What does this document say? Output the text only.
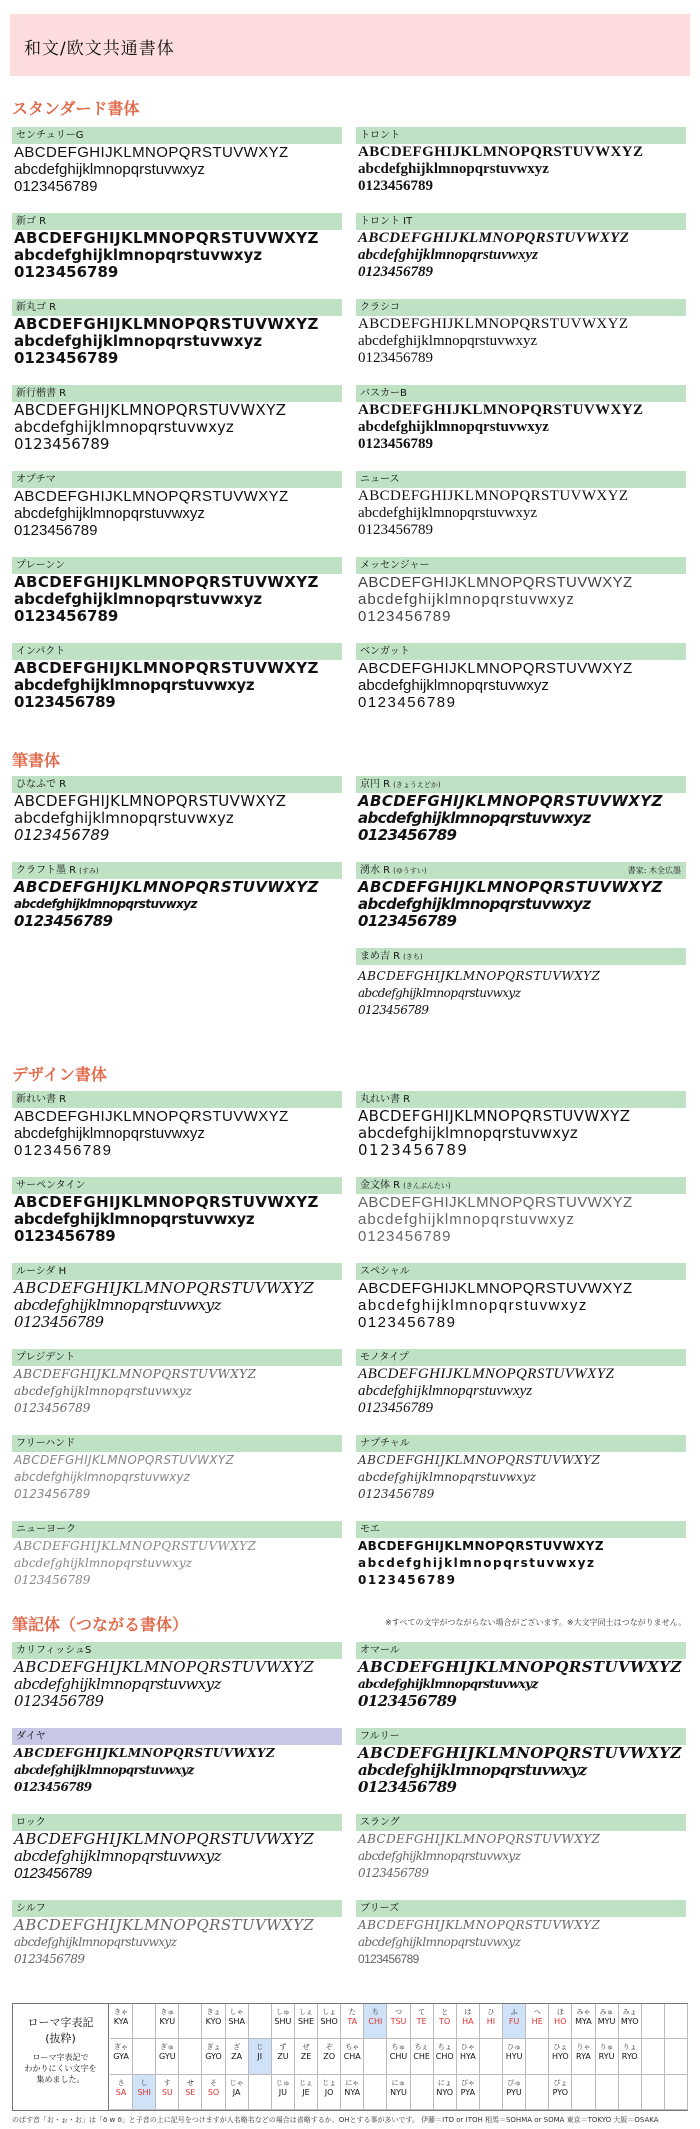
和文/欧文共通書体
スタンダード書体
センチュリーG
ABCDEFGHIJKLMNOPQRSTUVWXYZ
abcdefghijklmnopqrstuvwxyz
0123456789
新ゴ R
ABCDEFGHIJKLMNOPQRSTUVWXYZ
abcdefghijklmnopqrstuvwxyz
0123456789
新丸ゴ R
ABCDEFGHIJKLMNOPQRSTUVWXYZ
abcdefghijklmnopqrstuvwxyz
0123456789
新行楷書 R
ABCDEFGHIJKLMNOPQRSTUVWXYZ
abcdefghijklmnopqrstuvwxyz
0123456789
オプチマ
ABCDEFGHIJKLMNOPQRSTUVWXYZ
abcdefghijklmnopqrstuvwxyz
0123456789
プレーンン
ABCDEFGHIJKLMNOPQRSTUVWXYZ
abcdefghijklmnopqrstuvwxyz
0123456789
インパクト
ABCDEFGHIJKLMNOPQRSTUVWXYZ
abcdefghijklmnopqrstuvwxyz
0123456789
トロント
ABCDEFGHIJKLMNOPQRSTUVWXYZ
abcdefghijklmnopqrstuvwxyz
0123456789
トロント IT
ABCDEFGHIJKLMNOPQRSTUVWXYZ
abcdefghijklmnopqrstuvwxyz
0123456789
クラシコ
ABCDEFGHIJKLMNOPQRSTUVWXYZ
abcdefghijklmnopqrstuvwxyz
0123456789
バスカーB
ABCDEFGHIJKLMNOPQRSTUVWXYZ
abcdefghijklmnopqrstuvwxyz
0123456789
ニュース
ABCDEFGHIJKLMNOPQRSTUVWXYZ
abcdefghijklmnopqrstuvwxyz
0123456789
メッセンジャー
ABCDEFGHIJKLMNOPQRSTUVWXYZ
abcdefghijklmnopqrstuvwxyz
0123456789
ベンガット
ABCDEFGHIJKLMNOPQRSTUVWXYZ
abcdefghijklmnopqrstuvwxyz
0123456789
筆書体
ひなふで R
ABCDEFGHIJKLMNOPQRSTUVWXYZ
abcdefghijklmnopqrstuvwxyz
0123456789
クラフト墨 R (すみ)
ABCDEFGHIJKLMNOPQRSTUVWXYZ
abcdefghijklmnopqrstuvwxyz
0123456789
京円 R (きょうえどか)
ABCDEFGHIJKLMNOPQRSTUVWXYZ
abcdefghijklmnopqrstuvwxyz
0123456789
湧水 R (ゆうすい)	書家: 木全広墨
ABCDEFGHIJKLMNOPQRSTUVWXYZ
abcdefghijklmnopqrstuvwxyz
0123456789
まめ吉 R (きち)
ABCDEFGHIJKLMNOPQRSTUVWXYZ
abcdefghijklmnopqrstuvwxyz
0123456789
デザイン書体
新れい書 R
ABCDEFGHIJKLMNOPQRSTUVWXYZ
abcdefghijklmnopqrstuvwxyz
0123456789
サーペンタイン
ABCDEFGHIJKLMNOPQRSTUVWXYZ
abcdefghijklmnopqrstuvwxyz
0123456789
ルーシダ H
ABCDEFGHIJKLMNOPQRSTUVWXYZ
abcdefghijklmnopqrstuvwxyz
0123456789
プレジデント
ABCDEFGHIJKLMNOPQRSTUVWXYZ
abcdefghijklmnopqrstuvwxyz
0123456789
フリーハンド
ABCDEFGHIJKLMNOPQRSTUVWXYZ
abcdefghijklmnopqrstuvwxyz
0123456789
ニューヨーク
ABCDEFGHIJKLMNOPQRSTUVWXYZ
abcdefghijklmnopqrstuvwxyz
0123456789
丸れい書 R
ABCDEFGHIJKLMNOPQRSTUVWXYZ
abcdefghijklmnopqrstuvwxyz
0123456789
金文体 R (きんぶんたい)
ABCDEFGHIJKLMNOPQRSTUVWXYZ
abcdefghijklmnopqrstuvwxyz
0123456789
スペシャル
ABCDEFGHIJKLMNOPQRSTUVWXYZ
abcdefghijklmnopqrstuvwxyz
0123456789
モノタイプ
ABCDEFGHIJKLMNOPQRSTUVWXYZ
abcdefghijklmnopqrstuvwxyz
0123456789
ナプチャル
ABCDEFGHIJKLMNOPQRSTUVWXYZ
abcdefghijklmnopqrstuvwxyz
0123456789
モエ
ABCDEFGHIJKLMNOPQRSTUVWXYZ
abcdefghijklmnopqrstuvwxyz
0123456789
筆記体（つながる書体）	※すべての文字がつながらない場合がございます。※大文字同士はつながりません。
カリフィッシュS
ABCDEFGHIJKLMNOPQRSTUVWXYZ
abcdefghijklmnopqrstuvwxyz
0123456789
ダイヤ
ABCDEFGHIJKLMNOPQRSTUVWXYZ
abcdefghijklmnopqrstuvwxyz
0123456789
ロック
ABCDEFGHIJKLMNOPQRSTUVWXYZ
abcdefghijklmnopqrstuvwxyz
0123456789
シルフ
ABCDEFGHIJKLMNOPQRSTUVWXYZ
abcdefghijklmnopqrstuvwxyz
0123456789
オマール
ABCDEFGHIJKLMNOPQRSTUVWXYZ
abcdefghijklmnopqrstuvwxyz
0123456789
フルリー
ABCDEFGHIJKLMNOPQRSTUVWXYZ
abcdefghijklmnopqrstuvwxyz
0123456789
スラング
ABCDEFGHIJKLMNOPQRSTUVWXYZ
abcdefghijklmnopqrstuvwxyz
0123456789
ブリーズ
ABCDEFGHIJKLMNOPQRSTUVWXYZ
abcdefghijklmnopqrstuvwxyz
0123456789
ローマ字表記
(抜粋)
ローマ字表記で
わかりにくい文字を
集めました。
きゃ
KYA
きゅ
KYU
きょ
KYO
しゃ
SHA
しゅ
SHU
しぇ
SHE
しょ
SHO
た
TA
ち
CHI
つ
TSU
て
TE
と
TO
は
HA
ひ
HI
ふ
FU
へ
HE
ほ
HO
みゃ
MYA
みゅ
MYU
みょ
MYO
ぎゃ
GYA
ぎゅ
GYU
ぎょ
GYO
ざ
ZA
じ
JI
ず
ZU
ぜ
ZE
ぞ
ZO
ちゃ
CHA
ちゅ
CHU
ちぇ
CHE
ちょ
CHO
ひゃ
HYA
ひゅ
HYU
ひょ
HYO
りゃ
RYA
りゅ
RYU
りょ
RYO
さ
SA
し
SHI
す
SU
せ
SE
そ
SO
じゃ
JA
じゅ
JU
じぇ
JE
じょ
JO
にゃ
NYA
にゅ
NYU
にょ
NYO
ぴゃ
PYA
ぴゅ
PYU
ぴょ
PYO
のばす音「お・ぉ・お」は「ō w ō」と子音の上に記号をつけますが人名略名などの場合は省略するか、OHとする事が多いです。 伊藤＝ITO or ITOH 相馬＝SOHMA or SOMA 東京＝TOKYO 大阪＝OSAKA
